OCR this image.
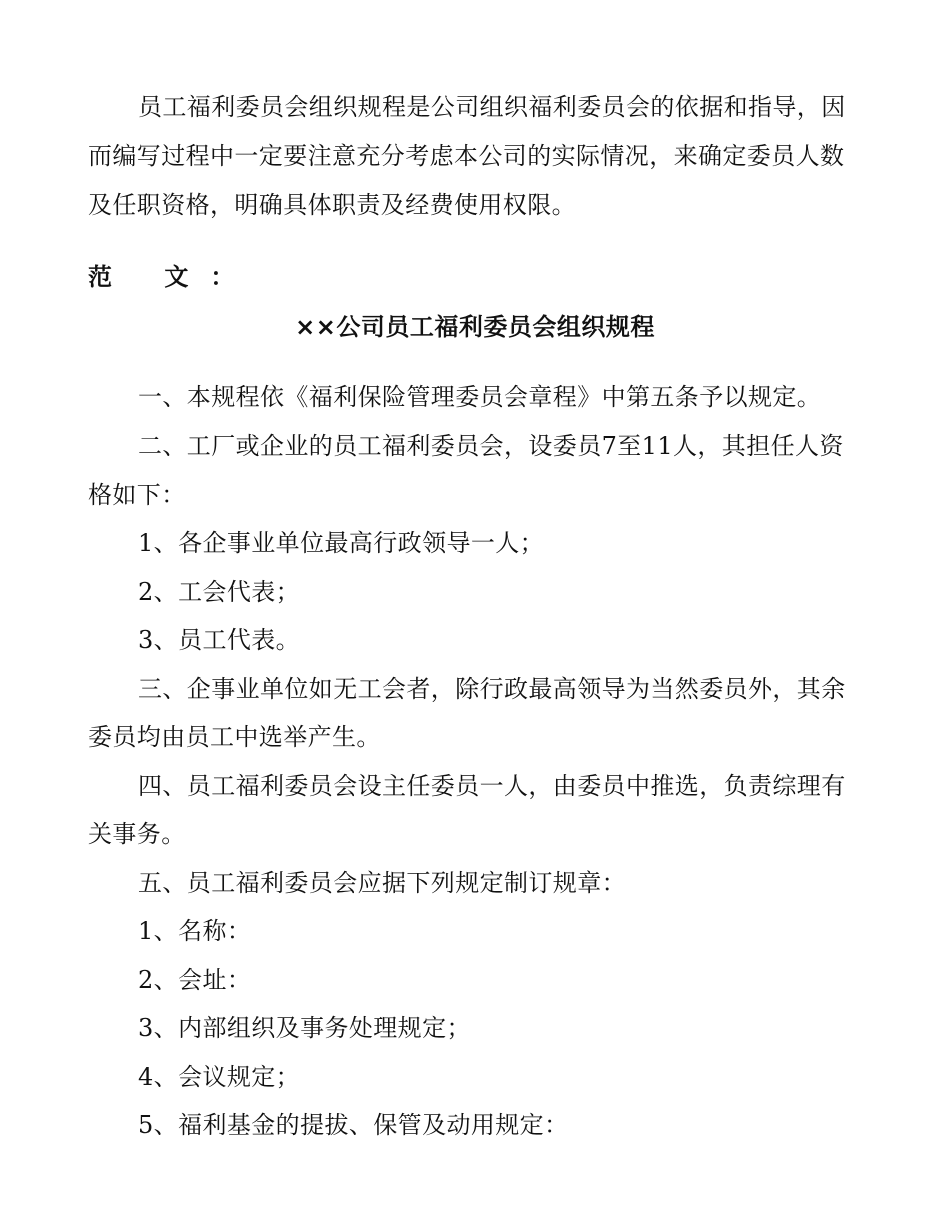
员工福利委员会组织规程是公司组织福利委员会的依据和指导，因
而编写过程中一定要注意充分考虑本公司的实际情况，来确定委员人数
及任职资格，明确具体职责及经费使用权限。
范 文：
××公司员工福利委员会组织规程
一、本规程依《福利保险管理委员会章程》中第五条予以规定。
二、工厂或企业的员工福利委员会，设委员7至11人，其担任人资
格如下：
1、各企事业单位最高行政领导一人；
2、工会代表；
3、员工代表。
三、企事业单位如无工会者，除行政最高领导为当然委员外，其余
委员均由员工中选举产生。
四、员工福利委员会设主任委员一人，由委员中推选，负责综理有
关事务。
五、员工福利委员会应据下列规定制订规章：
1、名称：
2、会址：
3、内部组织及事务处理规定；
4、会议规定；
5、福利基金的提拔、保管及动用规定：
